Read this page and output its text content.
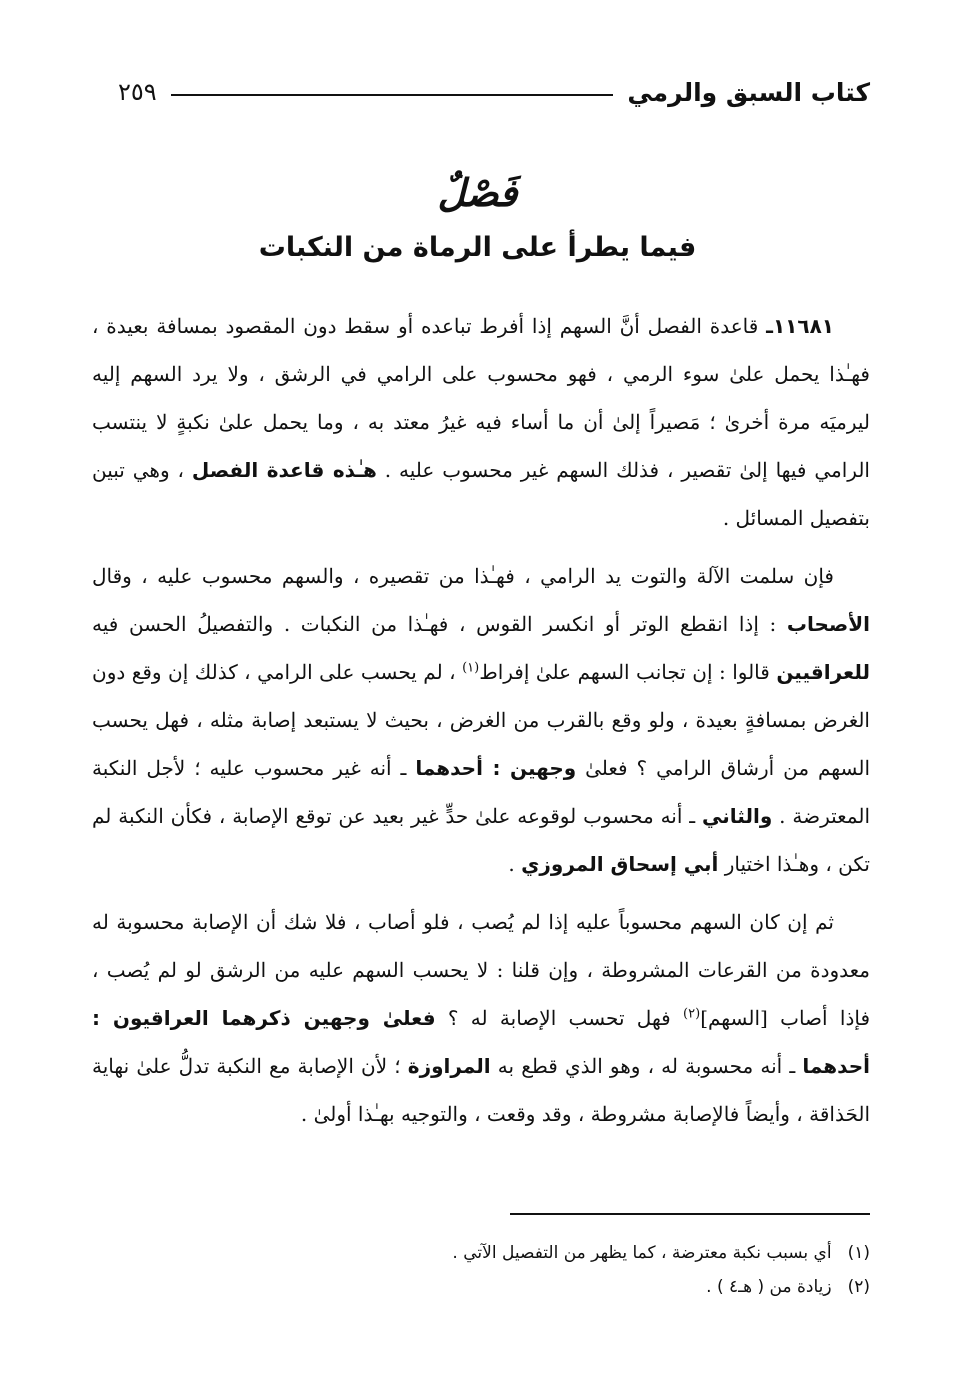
كتاب السبق والرمي
٢٥٩
فَصْلٌ
فيما يطرأ على الرماة من النكبات

١١٦٨١ـ قاعدة الفصل أنَّ السهم إذا أفرط تباعده أو سقط دون المقصود بمسافة بعيدة ، فهـٰذا يحمل علىٰ سوء الرمي ، فهو محسوب على الرامي في الرشق ، ولا يرد السهم إليه ليرميَه مرة أخرىٰ ؛ مَصيراً إلىٰ أن ما أساء فيه غيرُ معتد به ، وما يحمل علىٰ نكبةٍ لا ينتسب الرامي فيها إلىٰ تقصير ، فذلك السهم غير محسوب عليه . هـٰذه قاعدة الفصل ، وهي تبين بتفصيل المسائل .

فإن سلمت الآلة والتوت يد الرامي ، فهـٰذا من تقصيره ، والسهم محسوب عليه ، وقال الأصحاب : إذا انقطع الوتر أو انكسر القوس ، فهـٰذا من النكبات . والتفصيلُ الحسن فيه للعراقيين قالوا : إن تجانب السهم علىٰ إفراط$^{(١)}$ ، لم يحسب على الرامي ، كذلك إن وقع دون الغرض بمسافةٍ بعيدة ، ولو وقع بالقرب من الغرض ، بحيث لا يستبعد إصابة مثله ، فهل يحسب السهم من أرشاق الرامي ؟ فعلىٰ وجهين : أحدهما ـ أنه غير محسوب عليه ؛ لأجل النكبة المعترضة . والثاني ـ أنه محسوب لوقوعه علىٰ حدٍّ غير بعيد عن توقع الإصابة ، فكأن النكبة لم تكن ، وهـٰذا اختيار أبي إسحاق المروزي .

ثم إن كان السهم محسوباً عليه إذا لم يُصب ، فلو أصاب ، فلا شك أن الإصابة محسوبة له معدودة من القرعات المشروطة ، وإن قلنا : لا يحسب السهم عليه من الرشق لو لم يُصب ، فإذا أصاب [السهم]$^{(٢)}$ فهل تحسب الإصابة له ؟ فعلىٰ وجهين ذكرهما العراقيون : أحدهما ـ أنه محسوبة له ، وهو الذي قطع به المراوزة ؛ لأن الإصابة مع النكبة تدلُّ علىٰ نهاية الحَذاقة ، وأيضاً فالإصابة مشروطة ، وقد وقعت ، والتوجيه بهـٰذا أولىٰ .

(١)
أي بسبب نكبة معترضة ، كما يظهر من التفصيل الآتي .
(٢)
زيادة من ( هـ٤ ) .
